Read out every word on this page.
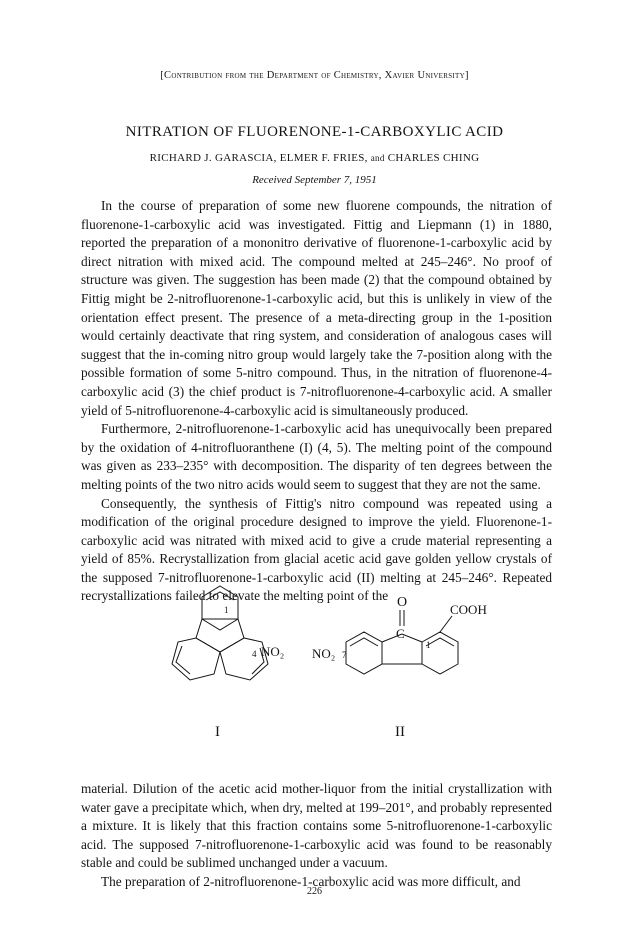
[Contribution from the Department of Chemistry, Xavier University]
NITRATION OF FLUORENONE-1-CARBOXYLIC ACID
RICHARD J. GARASCIA, ELMER F. FRIES, and CHARLES CHING
Received September 7, 1951

In the course of preparation of some new fluorene compounds, the nitration of fluorenone-1-carboxylic acid was investigated. Fittig and Liepmann (1) in 1880, reported the preparation of a mononitro derivative of fluorenone-1-carboxylic acid by direct nitration with mixed acid. The compound melted at 245–246°. No proof of structure was given. The suggestion has been made (2) that the compound obtained by Fittig might be 2-nitrofluorenone-1-carboxylic acid, but this is unlikely in view of the orientation effect present. The presence of a meta-directing group in the 1-position would certainly deactivate that ring system, and consideration of analogous cases will suggest that the in-coming nitro group would largely take the 7-position along with the possible formation of some 5-nitro compound. Thus, in the nitration of fluorenone-4-carboxylic acid (3) the chief product is 7-nitrofluorenone-4-carboxylic acid. A smaller yield of 5-nitrofluorenone-4-carboxylic acid is simultaneously produced.

Furthermore, 2-nitrofluorenone-1-carboxylic acid has unequivocally been prepared by the oxidation of 4-nitrofluoranthene (I) (4, 5). The melting point of the compound was given as 233–235° with decomposition. The disparity of ten degrees between the melting points of the two nitro acids would seem to suggest that they are not the same.

Consequently, the synthesis of Fittig's nitro compound was repeated using a modification of the original procedure designed to improve the yield. Fluorenone-1-carboxylic acid was nitrated with mixed acid to give a crude material representing a yield of 85%. Recrystallization from glacial acetic acid gave golden yellow crystals of the supposed 7-nitrofluorenone-1-carboxylic acid (II) melting at 245–246°. Repeated recrystallizations failed to elevate the melting point of the

1
4 NO₂
I
O
C
COOH
NO₂ 7
1
II

material. Dilution of the acetic acid mother-liquor from the initial crystallization with water gave a precipitate which, when dry, melted at 199–201°, and probably represented a mixture. It is likely that this fraction contains some 5-nitrofluorenone-1-carboxylic acid. The supposed 7-nitrofluorenone-1-carboxylic acid was found to be reasonably stable and could be sublimed unchanged under a vacuum.

The preparation of 2-nitrofluorenone-1-carboxylic acid was more difficult, and

226
